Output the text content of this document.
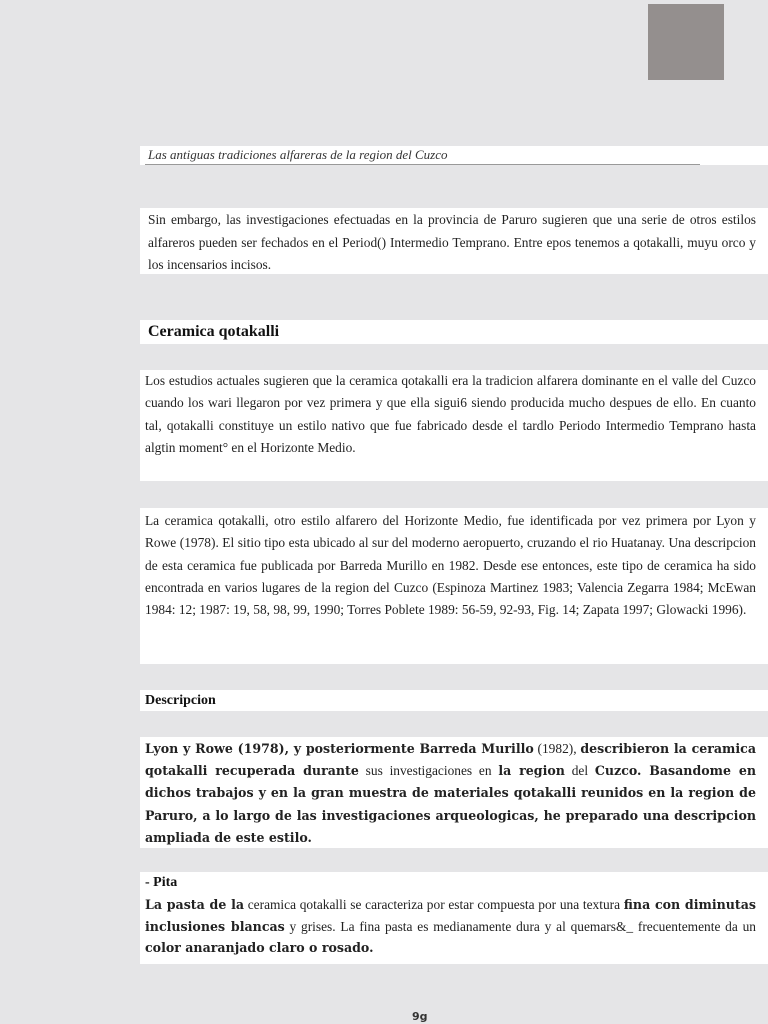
Las antiguas tradiciones alfareras de la region del Cuzco

Sin embargo, las investigaciones efectuadas en la provincia de Paruro sugieren que una serie de otros estilos alfareros pueden ser fechados en el Period() Intermedio Temprano. Entre epos tenemos a qotakalli, muyu orco y los incensarios incisos.

Ceramica qotakalli

Los estudios actuales sugieren que la ceramica qotakalli era la tradicion alfarera dominante en el valle del Cuzco cuando los wari llegaron por vez primera y que ella sigui6 siendo producida mucho despues de ello. En cuanto tal, qotakalli constituye un estilo nativo que fue fabricado desde el tardlo Periodo Intermedio Temprano hasta algtin moment° en el Horizonte Medio.

La ceramica qotakalli, otro estilo alfarero del Horizonte Medio, fue identificada por vez primera por Lyon y Rowe (1978). El sitio tipo esta ubicado al sur del moderno aeropuerto, cruzando el rio Huatanay. Una descripcion de esta ceramica fue publicada por Barreda Murillo en 1982. Desde ese entonces, este tipo de ceramica ha sido encontrada en varios lugares de la region del Cuzco (Espinoza Martinez 1983; Valencia Zegarra 1984; McEwan 1984: 12; 1987: 19, 58, 98, 99, 1990; Torres Poblete 1989: 56-59, 92-93, Fig. 14; Zapata 1997; Glowacki 1996).

Descripcion

Lyon y Rowe (1978), y posteriormente Barreda Murillo (1982), describieron la ceramica qotakalli recuperada durante sus investigaciones en la region del Cuzco. Basandome en dichos trabajos y en la gran muestra de materiales qotakalli reunidos en la region de Paruro, a lo largo de las investigaciones arqueologicas, he preparado una descripcion ampliada de este estilo.

- Pita

La pasta de la ceramica qotakalli se caracteriza por estar compuesta por una textura fina con diminutas inclusiones blancas y grises. La fina pasta es medianamente dura y al quemars&_ frecuentemente da un color anaranjado claro o rosado.

9g
